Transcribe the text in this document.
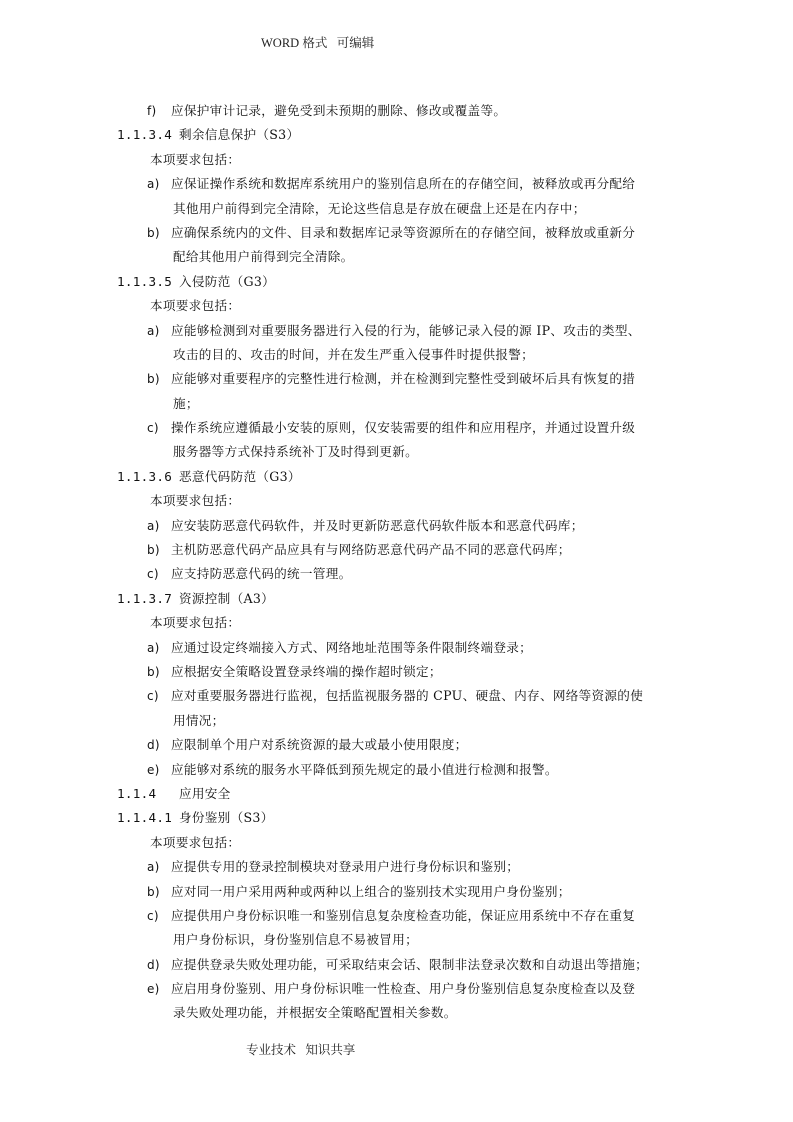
WORD 格式   可编辑
f) 应保护审计记录，避免受到未预期的删除、修改或覆盖等。
1.1.3.4 剩余信息保护（S3）
本项要求包括：
a) 应保证操作系统和数据库系统用户的鉴别信息所在的存储空间，被释放或再分配给
其他用户前得到完全清除，无论这些信息是存放在硬盘上还是在内存中；
b) 应确保系统内的文件、目录和数据库记录等资源所在的存储空间，被释放或重新分
配给其他用户前得到完全清除。
1.1.3.5 入侵防范（G3）
本项要求包括：
a) 应能够检测到对重要服务器进行入侵的行为，能够记录入侵的源 IP、攻击的类型、
攻击的目的、攻击的时间，并在发生严重入侵事件时提供报警；
b) 应能够对重要程序的完整性进行检测，并在检测到完整性受到破坏后具有恢复的措
施；
c) 操作系统应遵循最小安装的原则，仅安装需要的组件和应用程序，并通过设置升级
服务器等方式保持系统补丁及时得到更新。
1.1.3.6 恶意代码防范（G3）
本项要求包括：
a) 应安装防恶意代码软件，并及时更新防恶意代码软件版本和恶意代码库；
b) 主机防恶意代码产品应具有与网络防恶意代码产品不同的恶意代码库；
c) 应支持防恶意代码的统一管理。
1.1.3.7 资源控制（A3）
本项要求包括：
a) 应通过设定终端接入方式、网络地址范围等条件限制终端登录；
b) 应根据安全策略设置登录终端的操作超时锁定；
c) 应对重要服务器进行监视，包括监视服务器的 CPU、硬盘、内存、网络等资源的使
用情况；
d) 应限制单个用户对系统资源的最大或最小使用限度；
e) 应能够对系统的服务水平降低到预先规定的最小值进行检测和报警。
1.1.4 应用安全
1.1.4.1 身份鉴别（S3）
本项要求包括：
a) 应提供专用的登录控制模块对登录用户进行身份标识和鉴别；
b) 应对同一用户采用两种或两种以上组合的鉴别技术实现用户身份鉴别；
c) 应提供用户身份标识唯一和鉴别信息复杂度检查功能，保证应用系统中不存在重复
用户身份标识，身份鉴别信息不易被冒用；
d) 应提供登录失败处理功能，可采取结束会话、限制非法登录次数和自动退出等措施；
e) 应启用身份鉴别、用户身份标识唯一性检查、用户身份鉴别信息复杂度检查以及登
录失败处理功能，并根据安全策略配置相关参数。
专业技术   知识共享
